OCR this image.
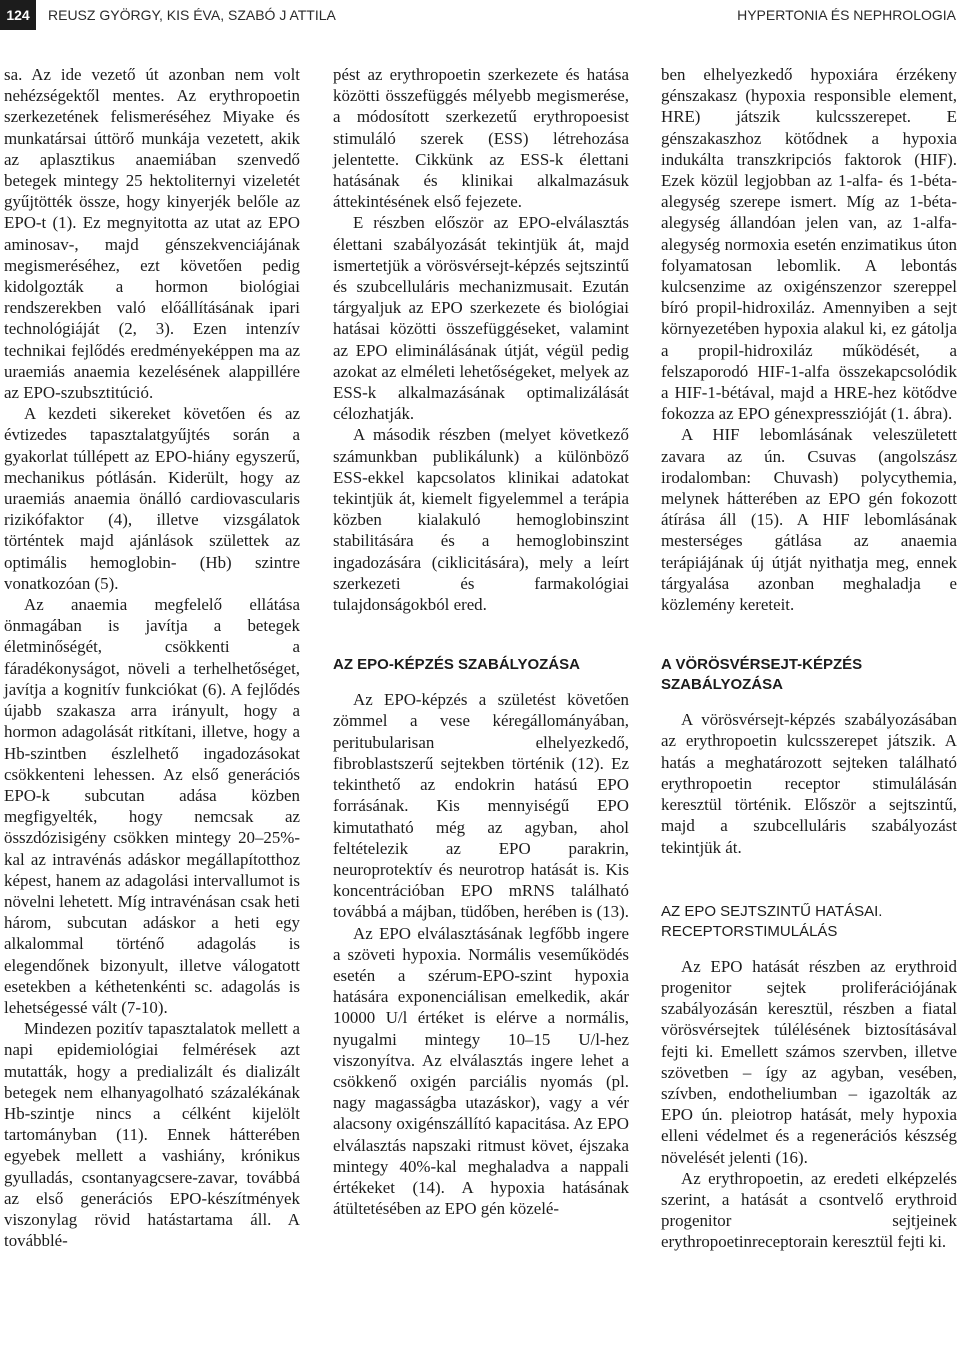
124	REUSZ GYÖRGY, KIS ÉVA, SZABÓ J ATTILA	HYPERTONIA ÉS NEPHROLOGIA

sa. Az ide vezető út azonban nem volt nehézségektől mentes. Az erythropoetin szerkezetének felismeréséhez Miyake és munkatársai úttörő munkája vezetett, akik az aplasztikus anaemiában szenvedő betegek mintegy 25 hektoliternyi vizeletét gyűjtötték össze, hogy kinyerjék belőle az EPO-t (1). Ez megnyitotta az utat az EPO aminosav-, majd génszekvenciájának megismeréséhez, ezt követően pedig kidolgozták a hormon biológiai rendszerekben való előállításának ipari technológiáját (2, 3). Ezen intenzív technikai fejlődés eredményeképpen ma az uraemiás anaemia kezelésének alappillére az EPO-szubsztitúció.

A kezdeti sikereket követően és az évtizedes tapasztalatgyűjtés során a gyakorlat túllépett az EPO-hiány egyszerű, mechanikus pótlásán. Kiderült, hogy az uraemiás anaemia önálló cardiovascularis rizikófaktor (4), illetve vizsgálatok történtek majd ajánlások születtek az optimális hemoglobin- (Hb) szintre vonatkozóan (5).

Az anaemia megfelelő ellátása önmagában is javítja a betegek életminőségét, csökkenti a fáradékonyságot, növeli a terhelhetőséget, javítja a kognitív funkciókat (6). A fejlődés újabb szakasza arra irányult, hogy a hormon adagolását ritkítani, illetve, hogy a Hb-szintben észlelhető ingadozásokat csökkenteni lehessen. Az első generációs EPO-k subcutan adása közben megfigyelték, hogy nemcsak az összdózisigény csökken mintegy 20–25%-kal az intravénás adáskor megállapítotthoz képest, hanem az adagolási intervallumot is növelni lehetett. Míg intravénásan csak heti három, subcutan adáskor a heti egy alkalommal történő adagolás is elegendőnek bizonyult, illetve válogatott esetekben a kéthetenkénti sc. adagolás is lehetségessé vált (7-10).

Mindezen pozitív tapasztalatok mellett a napi epidemiológiai felmérések azt mutatták, hogy a predializált és dializált betegek nem elhanyagolható százalékának Hb-szintje nincs a célként kijelölt tartományban (11). Ennek hátterében egyebek mellett a vashiány, krónikus gyulladás, csontanyagcsere-zavar, továbbá az első generációs EPO-készítmények viszonylag rövid hatástartama áll. A továbblé-

pést az erythropoetin szerkezete és hatása közötti összefüggés mélyebb megismerése, a módosított szerkezetű erythropoesist stimuláló szerek (ESS) létrehozása jelentette. Cikkünk az ESS-k élettani hatásának és klinikai alkalmazásuk áttekintésének első fejezete.

E részben először az EPO-elválasztás élettani szabályozását tekintjük át, majd ismertetjük a vörösvérsejt-képzés sejtszintű és szubcelluláris mechanizmusait. Ezután tárgyaljuk az EPO szerkezete és biológiai hatásai közötti összefüggéseket, valamint az EPO eliminálásának útját, végül pedig azokat az elméleti lehetőségeket, melyek az ESS-k alkalmazásának optimalizálását célozhatják.

A második részben (melyet következő számunkban publikálunk) a különböző ESS-ekkel kapcsolatos klinikai adatokat tekintjük át, kiemelt figyelemmel a terápia közben kialakuló hemoglobinszint stabilitására és a hemoglobinszint ingadozására (ciklicitására), mely a leírt szerkezeti és farmakológiai tulajdonságokból ered.

AZ EPO-KÉPZÉS SZABÁLYOZÁSA

Az EPO-képzés a születést követően zömmel a vese kéregállományában, peritubularisan elhelyezkedő, fibroblastszerű sejtekben történik (12). Ez tekinthető az endokrin hatású EPO forrásának. Kis mennyiségű EPO kimutatható még az agyban, ahol feltételezik az EPO parakrin, neuroprotektív és neurotrop hatását is. Kis koncentrációban EPO mRNS található továbbá a májban, tüdőben, herében is (13).

Az EPO elválasztásának legfőbb ingere a szöveti hypoxia. Normális veseműködés esetén a szérum-EPO-szint hypoxia hatására exponenciálisan emelkedik, akár 10000 U/l értéket is elérve a normális, nyugalmi mintegy 10–15 U/l-hez viszonyítva. Az elválasztás ingere lehet a csökkenő oxigén parciális nyomás (pl. nagy magasságba utazáskor), vagy a vér alacsony oxigénszállító kapacitása. Az EPO elválasztás napszaki ritmust követ, éjszaka mintegy 40%-kal meghaladva a nappali értékeket (14). A hypoxia hatásának átültetésében az EPO gén közelé-

ben elhelyezkedő hypoxiára érzékeny génszakasz (hypoxia responsible element, HRE) játszik kulcsszerepet. E génszakaszhoz kötődnek a hypoxia indukálta transzkripciós faktorok (HIF). Ezek közül legjobban az 1-alfa- és 1-béta-alegység szerepe ismert. Míg az 1-béta-alegység állandóan jelen van, az 1-alfa-alegység normoxia esetén enzimatikus úton folyamatosan lebomlik. A lebontás kulcsenzime az oxigénszenzor szereppel bíró propil-hidroxiláz. Amennyiben a sejt környezetében hypoxia alakul ki, ez gátolja a propil-hidroxiláz működését, a felszaporodó HIF-1-alfa összekapcsolódik a HIF-1-bétával, majd a HRE-hez kötődve fokozza az EPO génexpresszióját (1. ábra).

A HIF lebomlásának veleszületett zavara az ún. Csuvas (angolszász irodalomban: Chuvash) polycythemia, melynek hátterében az EPO gén fokozott átírása áll (15). A HIF lebomlásának mesterséges gátlása az anaemia terápiájának új útját nyithatja meg, ennek tárgyalása azonban meghaladja e közlemény kereteit.

A VÖRÖSVÉRSEJT-KÉPZÉS SZABÁLYOZÁSA

A vörösvérsejt-képzés szabályozásában az erythropoetin kulcsszerepet játszik. A hatás a meghatározott sejteken található erythropoetin receptor stimulálásán keresztül történik. Először a sejtszintű, majd a szubcelluláris szabályozást tekintjük át.

AZ EPO SEJTSZINTŰ HATÁSAI. RECEPTORSTIMULÁLÁS

Az EPO hatását részben az erythroid progenitor sejtek proliferációjának szabályozásán keresztül, részben a fiatal vörösvérsejtek túlélésének biztosításával fejti ki. Emellett számos szervben, illetve szövetben – így az agyban, vesében, szívben, endotheliumban – igazolták az EPO ún. pleiotrop hatását, mely hypoxia elleni védelmet és a regenerációs készség növelését jelenti (16).

Az erythropoetin, az eredeti elképzelés szerint, a hatását a csontvelő erythroid progenitor sejtjeinek erythropoetinreceptorain keresztül fejti ki.
